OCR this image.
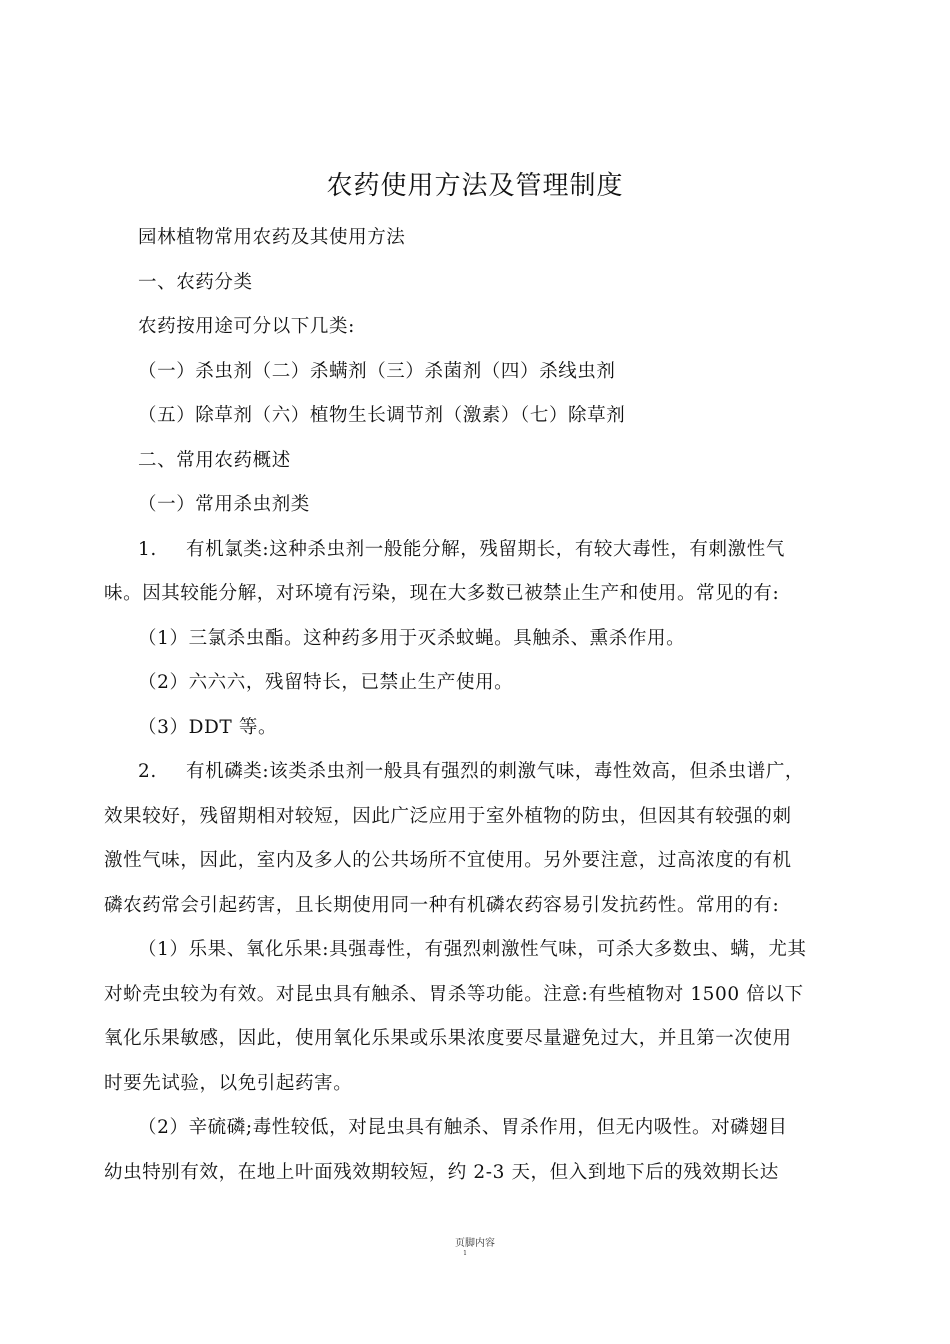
农药使用方法及管理制度

园林植物常用农药及其使用方法

一、农药分类

农药按用途可分以下几类:

（一）杀虫剂（二）杀螨剂（三）杀菌剂（四）杀线虫剂

（五）除草剂（六）植物生长调节剂（激素）（七）除草剂

二、常用农药概述

（一）常用杀虫剂类

1. 有机氯类:这种杀虫剂一般能分解，残留期长，有较大毒性，有刺激性气

味。因其较能分解，对环境有污染，现在大多数已被禁止生产和使用。常见的有:

（1）三氯杀虫酯。这种药多用于灭杀蚊蝇。具触杀、熏杀作用。

（2）六六六，残留特长，已禁止生产使用。

（3）DDT 等。

2. 有机磷类:该类杀虫剂一般具有强烈的刺激气味，毒性效高，但杀虫谱广，

效果较好，残留期相对较短，因此广泛应用于室外植物的防虫，但因其有较强的刺

激性气味，因此，室内及多人的公共场所不宜使用。另外要注意，过高浓度的有机

磷农药常会引起药害，且长期使用同一种有机磷农药容易引发抗药性。常用的有:

（1）乐果、氧化乐果:具强毒性，有强烈刺激性气味，可杀大多数虫、螨，尤其

对蚧壳虫较为有效。对昆虫具有触杀、胃杀等功能。注意:有些植物对 1500 倍以下

氧化乐果敏感，因此，使用氧化乐果或乐果浓度要尽量避免过大，并且第一次使用

时要先试验，以免引起药害。

（2）辛硫磷;毒性较低，对昆虫具有触杀、胃杀作用，但无内吸性。对磷翅目

幼虫特别有效，在地上叶面残效期较短，约 2-3 天，但入到地下后的残效期长达

页脚内容
1
